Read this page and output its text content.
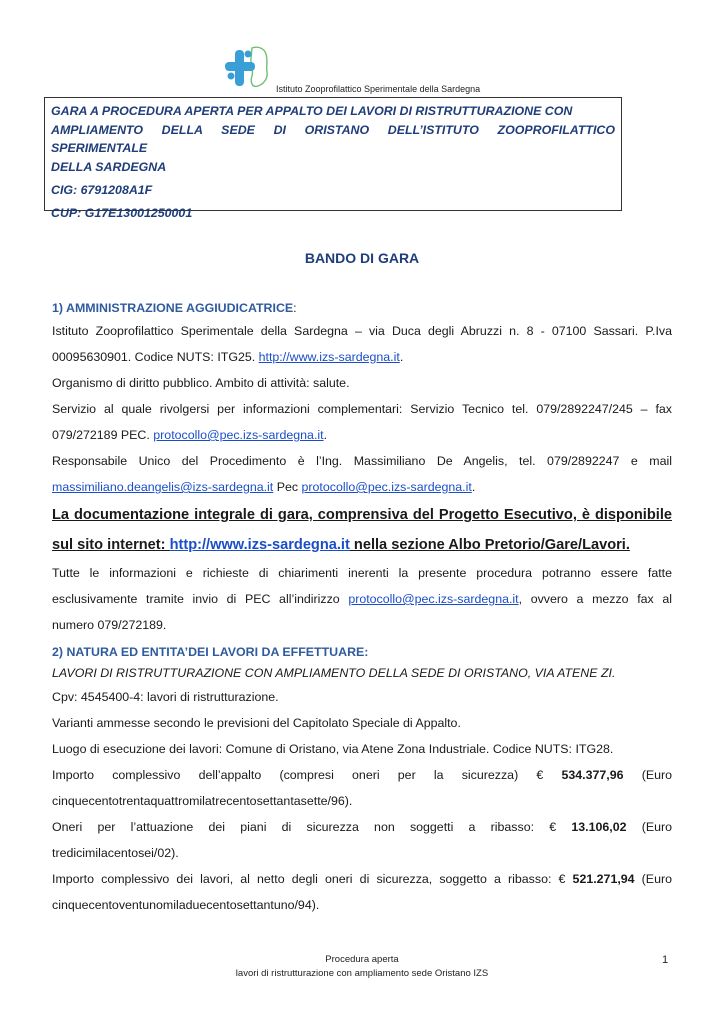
Istituto Zooprofilattico Sperimentale della Sardegna
GARA A PROCEDURA APERTA PER APPALTO DEI LAVORI DI RISTRUTTURAZIONE CON
AMPLIAMENTO DELLA SEDE DI ORISTANO DELL’ISTITUTO ZOOPROFILATTICO SPERIMENTALE
DELLA SARDEGNA
CIG: 6791208A1F
CUP: G17E13001250001
BANDO DI GARA
1) AMMINISTRAZIONE AGGIUDICATRICE:

Istituto Zooprofilattico Sperimentale della Sardegna – via Duca degli Abruzzi n. 8 - 07100 Sassari. P.Iva

00095630901. Codice NUTS: ITG25. http://www.izs-sardegna.it.

Organismo di diritto pubblico. Ambito di attività: salute.

Servizio al quale rivolgersi per informazioni complementari: Servizio Tecnico tel. 079/2892247/245 – fax

079/272189 PEC. protocollo@pec.izs-sardegna.it.

Responsabile Unico del Procedimento è l’Ing. Massimiliano De Angelis, tel. 079/2892247 e mail

massimiliano.deangelis@izs-sardegna.it Pec protocollo@pec.izs-sardegna.it.

La documentazione integrale di gara, comprensiva del Progetto Esecutivo, è disponibile

sul sito internet: http://www.izs-sardegna.it nella sezione Albo Pretorio/Gare/Lavori.

Tutte le informazioni e richieste di chiarimenti inerenti la presente procedura potranno essere fatte

esclusivamente tramite invio di PEC all’indirizzo protocollo@pec.izs-sardegna.it, ovvero a mezzo fax al

numero 079/272189.

2) NATURA ED ENTITA’DEI LAVORI DA EFFETTUARE:

LAVORI DI RISTRUTTURAZIONE CON AMPLIAMENTO DELLA SEDE DI ORISTANO, VIA ATENE ZI.

Cpv: 4545400-4: lavori di ristrutturazione.

Varianti ammesse secondo le previsioni del Capitolato Speciale di Appalto.

Luogo di esecuzione dei lavori: Comune di Oristano, via Atene Zona Industriale. Codice NUTS: ITG28.

Importo complessivo dell’appalto (compresi oneri per la sicurezza) € 534.377,96 (Euro

cinquecentotrentaquattromilatrecentosettantasette/96).

Oneri per l’attuazione dei piani di sicurezza non soggetti a ribasso: € 13.106,02 (Euro

tredicimilacentosei/02).

Importo complessivo dei lavori, al netto degli oneri di sicurezza, soggetto a ribasso: € 521.271,94 (Euro

cinquecentoventunomiladuecentosettantuno/94).

Procedura aperta
lavori di ristrutturazione con ampliamento sede Oristano IZS
1
